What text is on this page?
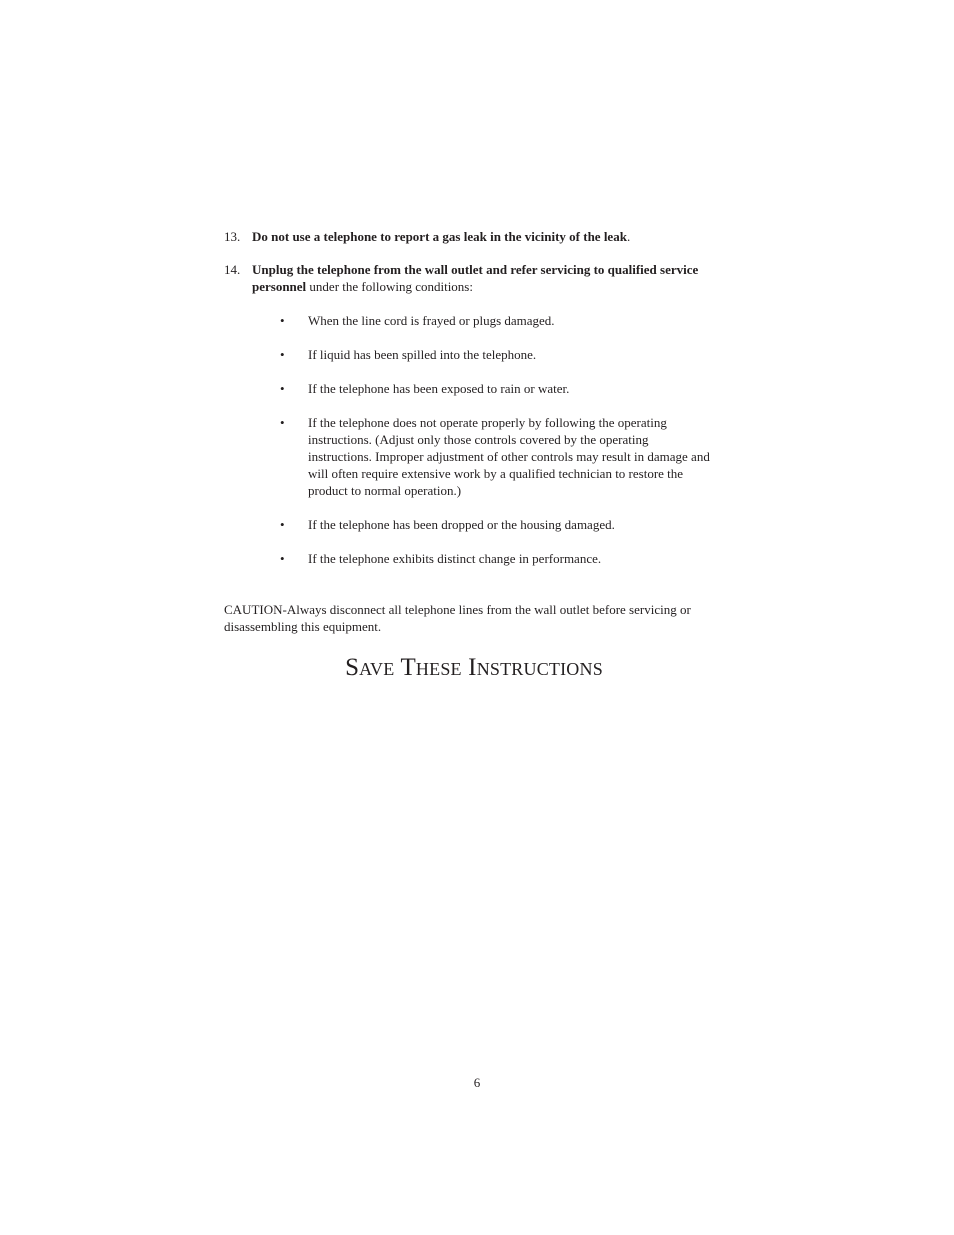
13. Do not use a telephone to report a gas leak in the vicinity of the leak.

14. Unplug the telephone from the wall outlet and refer servicing to qualified service personnel under the following conditions:
• When the line cord is frayed or plugs damaged.
• If liquid has been spilled into the telephone.
• If the telephone has been exposed to rain or water.
• If the telephone does not operate properly by following the operating instructions. (Adjust only those controls covered by the operating instructions. Improper adjustment of other controls may result in damage and will often require extensive work by a qualified technician to restore the product to normal operation.)
• If the telephone has been dropped or the housing damaged.
• If the telephone exhibits distinct change in performance.

CAUTION-Always disconnect all telephone lines from the wall outlet before servicing or disassembling this equipment.

Save These Instructions
6
